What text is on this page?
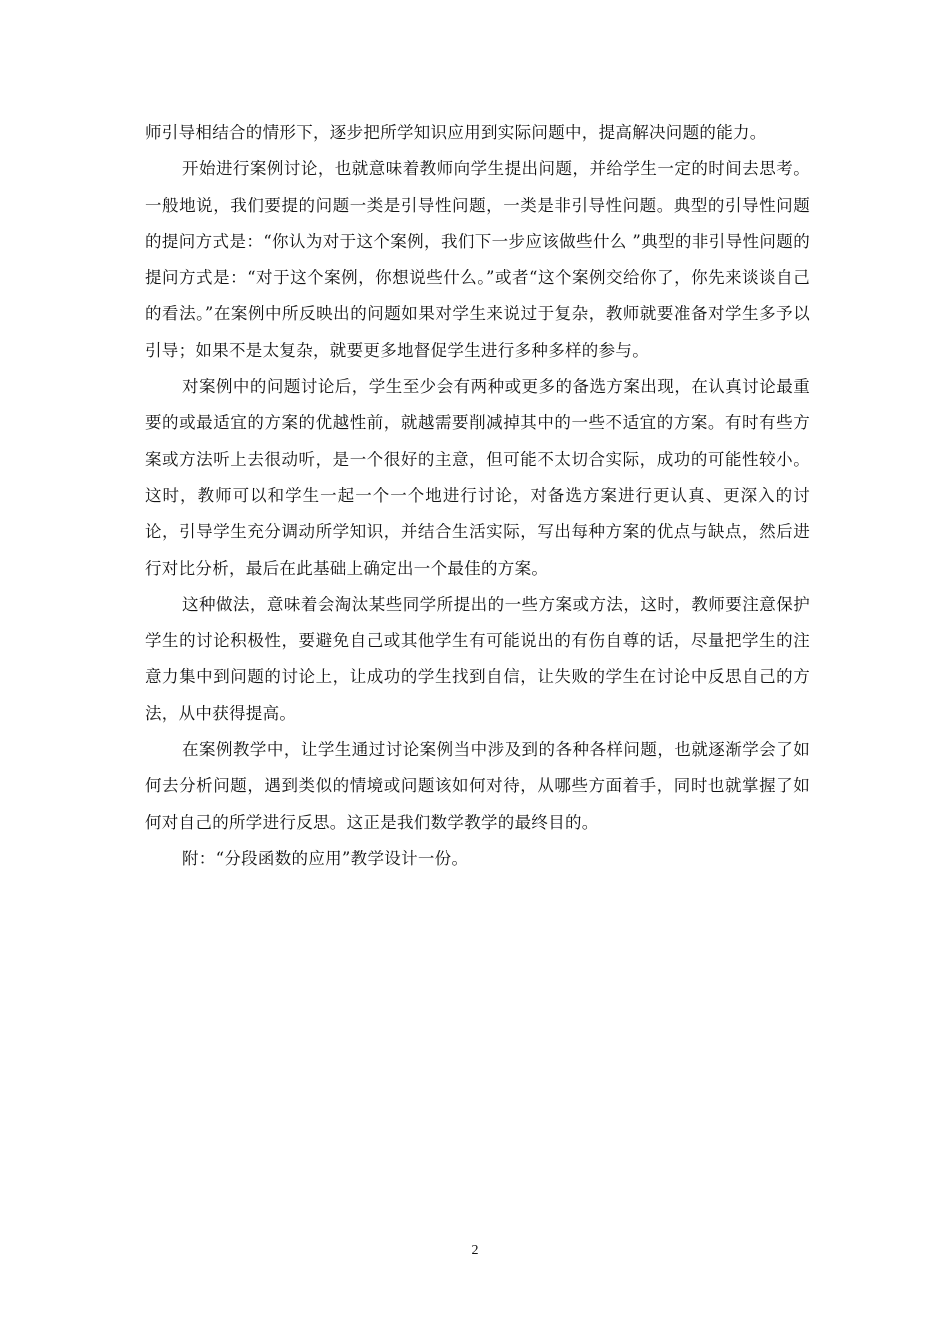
师引导相结合的情形下，逐步把所学知识应用到实际问题中，提高解决问题的能力。

开始进行案例讨论，也就意味着教师向学生提出问题，并给学生一定的时间去思考。一般地说，我们要提的问题一类是引导性问题，一类是非引导性问题。典型的引导性问题的提问方式是：“你认为对于这个案例，我们下一步应该做些什么 ”典型的非引导性问题的提问方式是：“对于这个案例，你想说些什么。”或者“这个案例交给你了，你先来谈谈自己的看法。”在案例中所反映出的问题如果对学生来说过于复杂，教师就要准备对学生多予以引导；如果不是太复杂，就要更多地督促学生进行多种多样的参与。

对案例中的问题讨论后，学生至少会有两种或更多的备选方案出现，在认真讨论最重要的或最适宜的方案的优越性前，就越需要削减掉其中的一些不适宜的方案。有时有些方案或方法听上去很动听，是一个很好的主意，但可能不太切合实际，成功的可能性较小。这时，教师可以和学生一起一个一个地进行讨论，对备选方案进行更认真、更深入的讨论，引导学生充分调动所学知识，并结合生活实际，写出每种方案的优点与缺点，然后进行对比分析，最后在此基础上确定出一个最佳的方案。

这种做法，意味着会淘汰某些同学所提出的一些方案或方法，这时，教师要注意保护学生的讨论积极性，要避免自己或其他学生有可能说出的有伤自尊的话，尽量把学生的注意力集中到问题的讨论上，让成功的学生找到自信，让失败的学生在讨论中反思自己的方法，从中获得提高。

在案例教学中，让学生通过讨论案例当中涉及到的各种各样问题，也就逐渐学会了如何去分析问题，遇到类似的情境或问题该如何对待，从哪些方面着手，同时也就掌握了如何对自己的所学进行反思。这正是我们数学教学的最终目的。

附：“分段函数的应用”教学设计一份。

2
